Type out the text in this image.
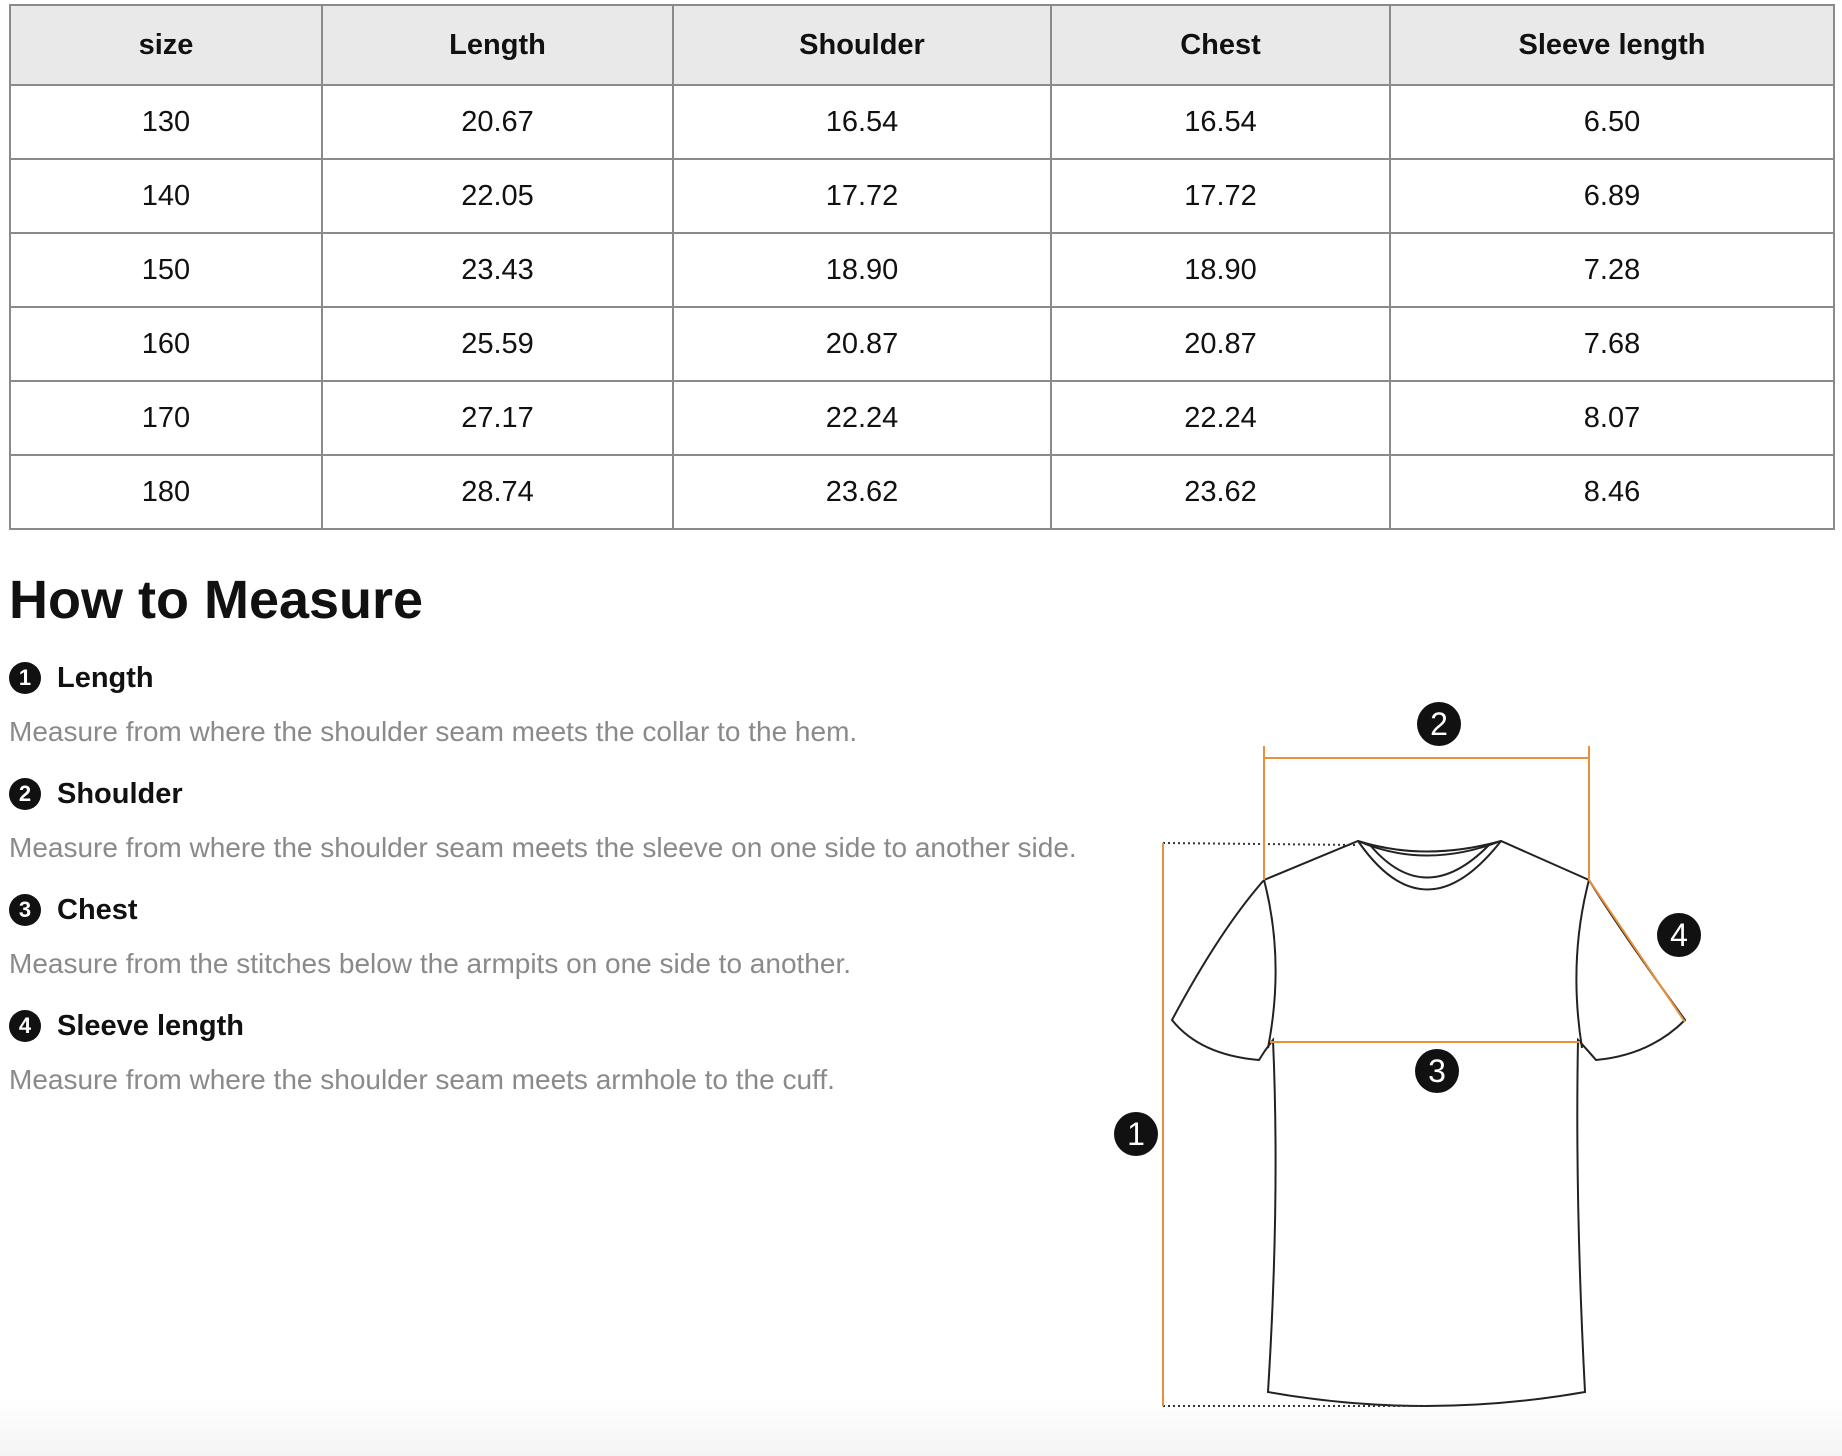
size	Length	Shoulder	Chest	Sleeve length
130	20.67	16.54	16.54	6.50
140	22.05	17.72	17.72	6.89
150	23.43	18.90	18.90	7.28
160	25.59	20.87	20.87	7.68
170	27.17	22.24	22.24	8.07
180	28.74	23.62	23.62	8.46
How to Measure
1 Length
Measure from where the shoulder seam meets the collar to the hem.
2 Shoulder
Measure from where the shoulder seam meets the sleeve on one side to another side.
3 Chest
Measure from the stitches below the armpits on one side to another.
4 Sleeve length
Measure from where the shoulder seam meets armhole to the cuff.
1
2
3
4
